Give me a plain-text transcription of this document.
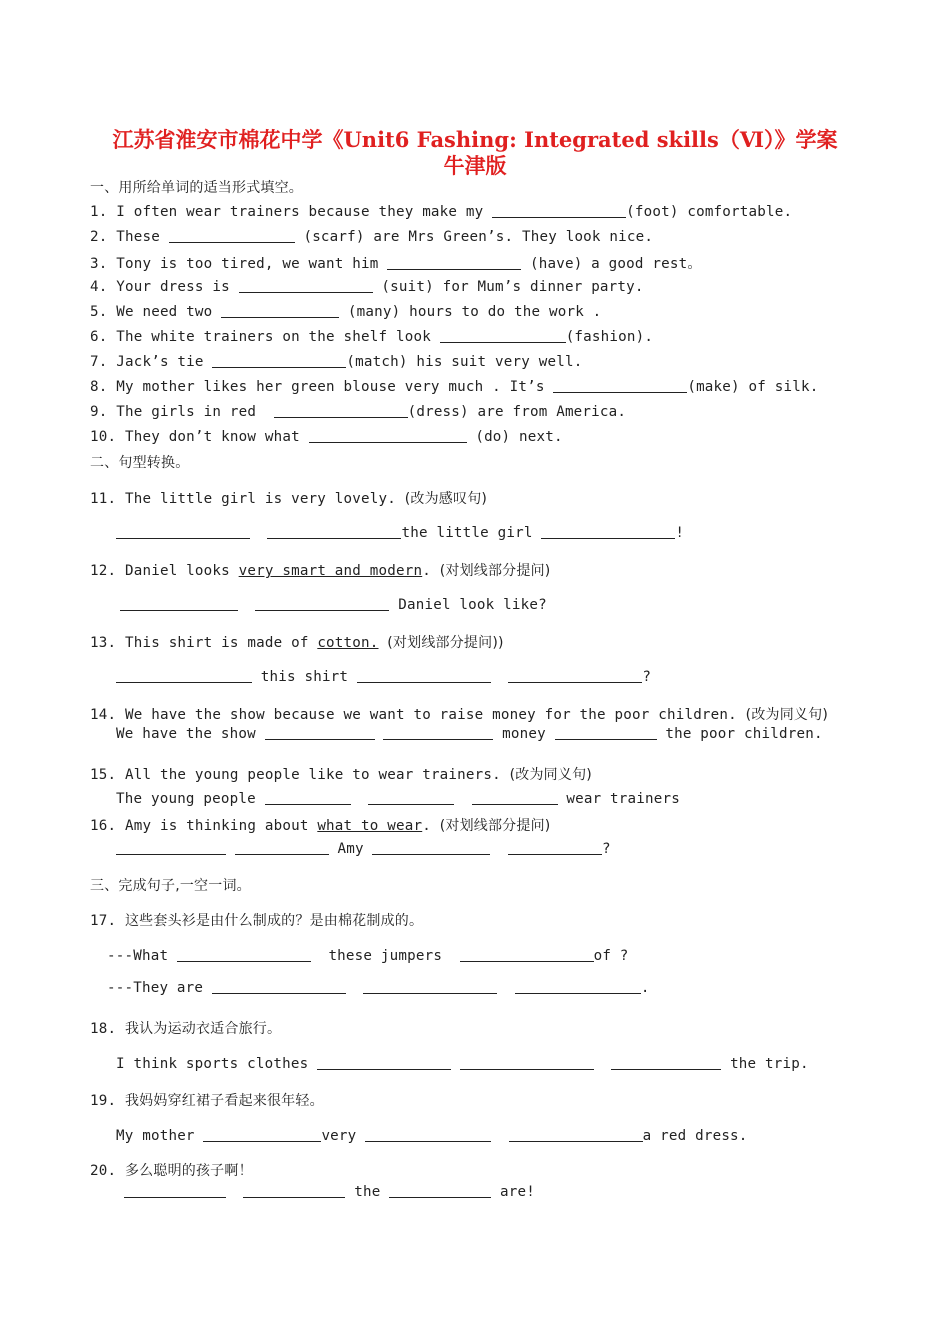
江苏省淮安市棉花中学《Unit6 Fashing: Integrated skills（Ⅵ）》学案
牛津版
一、用所给单词的适当形式填空。
1. I often wear trainers because they make my	(foot) comfortable.
2. These	(scarf) are Mrs Green’s. They look nice.
3. Tony is too tired, we want him	(have) a good rest。
4. Your dress is	(suit) for Mum’s dinner party.
5. We need two	(many) hours to do the work .
6. The white trainers on the shelf look	(fashion).
7. Jack’s tie	(match) his suit very well.
8. My mother likes her green blouse very much . It’s	(make) of silk.
9. The girls in red	(dress) are from America.
10. They don’t know what	(do) next.
二、句型转换。
11. The little girl is very lovely. (改为感叹句)
the little girl	!
12. Daniel looks very smart and modern. (对划线部分提问)
Daniel look like?
13. This shirt is made of cotton. (对划线部分提问))
this shirt	?
14. We have the show because we want to raise money for the poor children. (改为同义句)
We have the show	money	the poor children.
15. All the young people like to wear trainers. (改为同义句)
The young people	wear trainers
16. Amy is thinking about what to wear. (对划线部分提问)
Amy	?
三、完成句子,一空一词。
17. 这些套头衫是由什么制成的？是由棉花制成的。
---What	these jumpers	of ?
---They are	.
18. 我认为运动衣适合旅行。
I think sports clothes	the trip.
19. 我妈妈穿红裙子看起来很年轻。
My mother	very	a red dress.
20. 多么聪明的孩子啊！
the	are!
